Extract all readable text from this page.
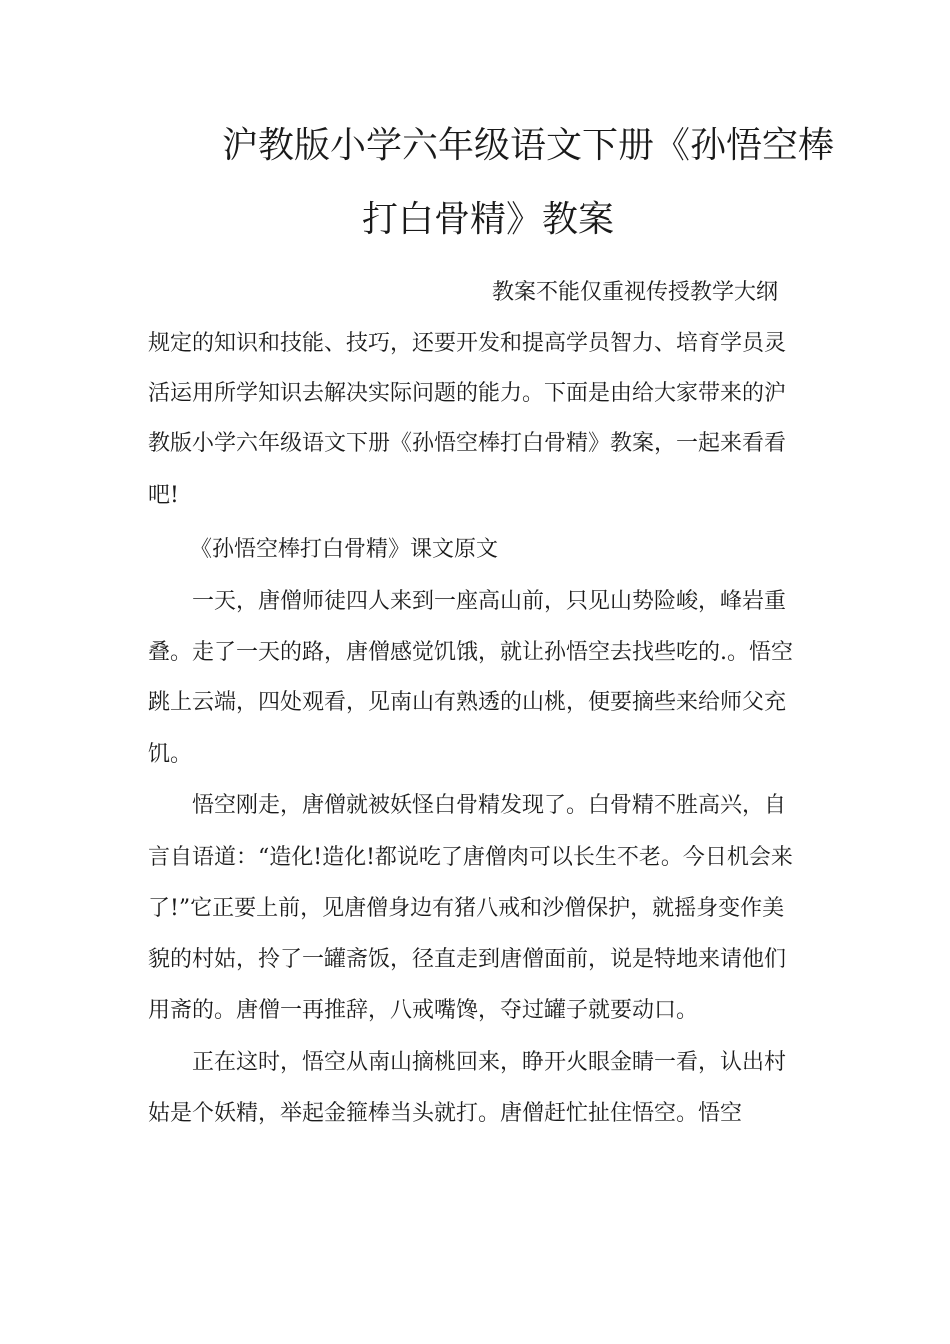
沪教版小学六年级语文下册《孙悟空棒
打白骨精》教案
教案不能仅重视传授教学大纲
规定的知识和技能、技巧，还要开发和提高学员智力、培育学员灵
活运用所学知识去解决实际问题的能力。下面是由给大家带来的沪
教版小学六年级语文下册《孙悟空棒打白骨精》教案，一起来看看
吧!
《孙悟空棒打白骨精》课文原文
一天，唐僧师徒四人来到一座高山前，只见山势险峻，峰岩重
叠。走了一天的路，唐僧感觉饥饿，就让孙悟空去找些吃的.。悟空
跳上云端，四处观看，见南山有熟透的山桃，便要摘些来给师父充
饥。
悟空刚走，唐僧就被妖怪白骨精发现了。白骨精不胜高兴，自
言自语道：“造化!造化!都说吃了唐僧肉可以长生不老。今日机会来
了!”它正要上前，见唐僧身边有猪八戒和沙僧保护，就摇身变作美
貌的村姑，拎了一罐斋饭，径直走到唐僧面前，说是特地来请他们
用斋的。唐僧一再推辞，八戒嘴馋，夺过罐子就要动口。
正在这时，悟空从南山摘桃回来，睁开火眼金睛一看，认出村
姑是个妖精，举起金箍棒当头就打。唐僧赶忙扯住悟空。悟空
